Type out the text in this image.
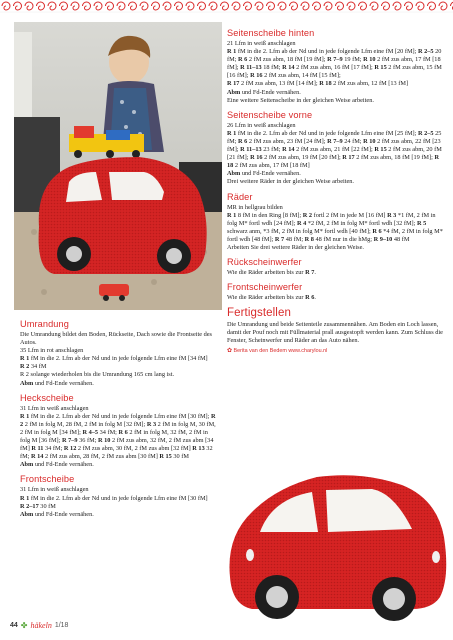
Umrandung

Die Umrandung bildet den Boden, Rückseite, Dach sowie die Frontseite des Autos.

35 Lfm in rot anschlagen

R 1 fM in die 2. Lfm ab der Nd und in jede folgende Lfm eine fM [34 fM]

R 2 34 fM

R 2 solange wiederholen bis die Umrandung 165 cm lang ist.

Abm und Fd-Ende vernähen.

Heckscheibe

31 Lfm in weiß anschlagen
R 1 fM in die 2. Lfm ab der Nd und in jede folgende Lfm eine fM [30 fM]; R 2 2 fM in folg M, 28 fM, 2 fM in folg M [32 fM]; R 3 2 fM in folg M, 30 fM, 2 fM in folg M [34 fM]; R 4–5 34 fM; R 6 2 fM in folg M, 32 fM, 2 fM in folg M [36 fM]; R 7–9 36 fM; R 10 2 fM zus abm, 32 fM, 2 fM zus abm [34 fM] R 11 34 fM; R 12 2 fM zus abm, 30 fM, 2 fM zus abm [32 fM] R 13 32 fM; R 14 2 fM zus abm, 28 fM, 2 fM zus abm [30 fM] R 15 30 fM
Abm und Fd-Ende vernähen.

Frontscheibe

31 Lfm in weiß anschlagen
R 1 fM in die 2. Lfm ab der Nd und in jede folgende Lfm eine fM [30 fM]
R 2–17 30 fM
Abm und Fd-Ende vernähen.

Seitenscheibe hinten

21 Lfm in weiß anschlagen
R 1 fM in die 2. Lfm ab der Nd und in jede folgende Lfm eine fM [20 fM]; R 2–5 20 fM; R 6 2 fM zus abm, 18 fM [19 fM]; R 7–9 19 fM; R 10 2 fM zus abm, 17 fM [18 fM]; R 11–13 18 fM; R 14 2 fM zus abm, 16 fM [17 fM]; R 15 2 fM zus abm, 15 fM [16 fM]; R 16 2 fM zus abm, 14 fM [15 fM];
R 17 2 fM zus abm, 13 fM [14 fM]; R 18 2 fM zus abm, 12 fM [13 fM]
Abm und Fd-Ende vernähen.
Eine weitere Seitenscheibe in der gleichen Weise arbeiten.

Seitenscheibe vorne

26 Lfm in weiß anschlagen
R 1 fM in die 2. Lfm ab der Nd und in jede folgende Lfm eine fM [25 fM]; R 2–5 25 fM; R 6 2 fM zus abm, 23 fM [24 fM]; R 7–9 24 fM; R 10 2 fM zus abm, 22 fM [23 fM]; R 11–13 23 fM; R 14 2 fM zus abm, 21 fM [22 fM]; R 15 2 fM zus abm, 20 fM [21 fM]; R 16 2 fM zus abm, 19 fM [20 fM]; R 17 2 fM zus abm, 18 fM [19 fM]; R 18 2 fM zus abm, 17 fM [18 fM]
Abm und Fd-Ende vernähen.
Drei weitere Räder in der gleichen Weise arbeiten.

Räder

MR in hellgrau bilden
R 1 8 fM in den Ring [8 fM]; R 2 fortl 2 fM in jede M [16 fM] R 3 *1 fM, 2 fM in folg M* fortl wdh [24 fM]; R 4 *2 fM, 2 fM in folg M* fortl wdh [32 fM]; R 5 schwarz anm, *3 fM, 2 fM in folg M* fortl wdh [40 fM]; R 6 *4 fM, 2 fM in folg M* fortl wdh [48 fM]; R 7 48 fM; R 8 48 fM nur in die hMg; R 9–10 48 fM
Arbeiten Sie drei weitere Räder in der gleichen Weise.

Rückscheinwerfer

Wie die Räder arbeiten bis zur R 7.

Frontscheinwerfer

Wie die Räder arbeiten bis zur R 6.

Fertigstellen

Die Umrandung und beide Seitenteile zusammennähen. Am Boden ein Loch lassen, damit der Pouf noch mit Füllmaterial prall ausgestopft werden kann. Zum Schluss die Fenster, Scheinwerfer und Räder an das Auto nähen.

✿ Berita van den Bedem www.charylou.nl
44 ✤ häkeln 1/18
